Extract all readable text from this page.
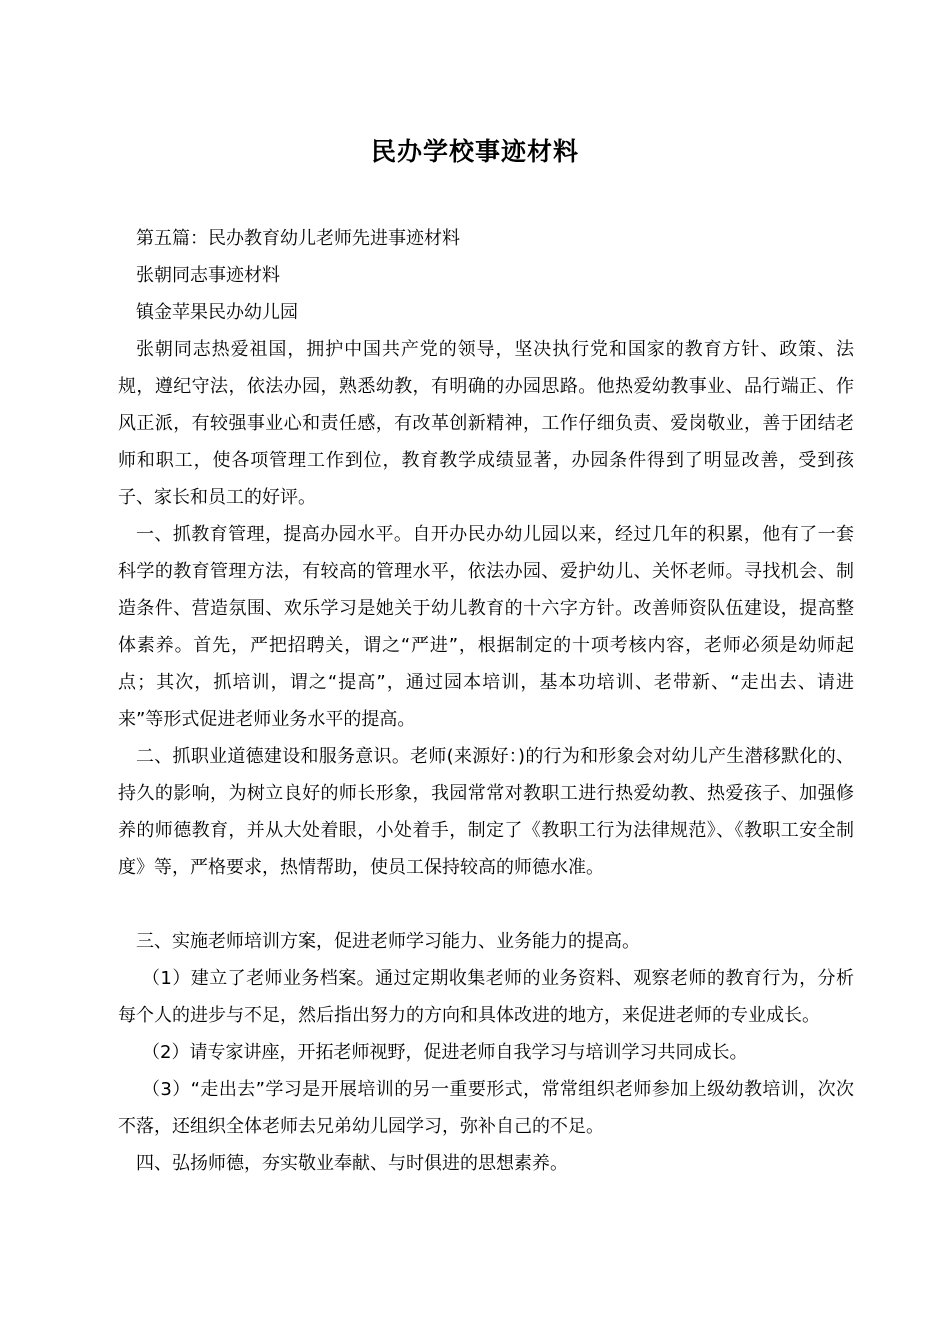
民办学校事迹材料

第五篇：民办教育幼儿老师先进事迹材料

张朝同志事迹材料

镇金苹果民办幼儿园

张朝同志热爱祖国，拥护中国共产党的领导，坚决执行党和国家的教育方针、政策、法规，遵纪守法，依法办园，熟悉幼教，有明确的办园思路。他热爱幼教事业、品行端正、作风正派，有较强事业心和责任感，有改革创新精神，工作仔细负责、爱岗敬业，善于团结老师和职工，使各项管理工作到位，教育教学成绩显著，办园条件得到了明显改善，受到孩子、家长和员工的好评。

一、抓教育管理，提高办园水平。自开办民办幼儿园以来，经过几年的积累，他有了一套科学的教育管理方法，有较高的管理水平，依法办园、爱护幼儿、关怀老师。寻找机会、制造条件、营造氛围、欢乐学习是她关于幼儿教育的十六字方针。改善师资队伍建设，提高整体素养。首先，严把招聘关，谓之“严进”，根据制定的十项考核内容，老师必须是幼师起点；其次，抓培训，谓之“提高”，通过园本培训，基本功培训、老带新、“走出去、请进来”等形式促进老师业务水平的提高。

二、抓职业道德建设和服务意识。老师(来源好：)的行为和形象会对幼儿产生潜移默化的、持久的影响，为树立良好的师长形象，我园常常对教职工进行热爱幼教、热爱孩子、加强修养的师德教育，并从大处着眼，小处着手，制定了《教职工行为法律规范》、《教职工安全制度》等，严格要求，热情帮助，使员工保持较高的师德水准。

三、实施老师培训方案，促进老师学习能力、业务能力的提高。

（1）建立了老师业务档案。通过定期收集老师的业务资料、观察老师的教育行为，分析每个人的进步与不足，然后指出努力的方向和具体改进的地方，来促进老师的专业成长。

（2）请专家讲座，开拓老师视野，促进老师自我学习与培训学习共同成长。

（3）“走出去”学习是开展培训的另一重要形式，常常组织老师参加上级幼教培训，次次不落，还组织全体老师去兄弟幼儿园学习，弥补自己的不足。

四、弘扬师德，夯实敬业奉献、与时俱进的思想素养。
